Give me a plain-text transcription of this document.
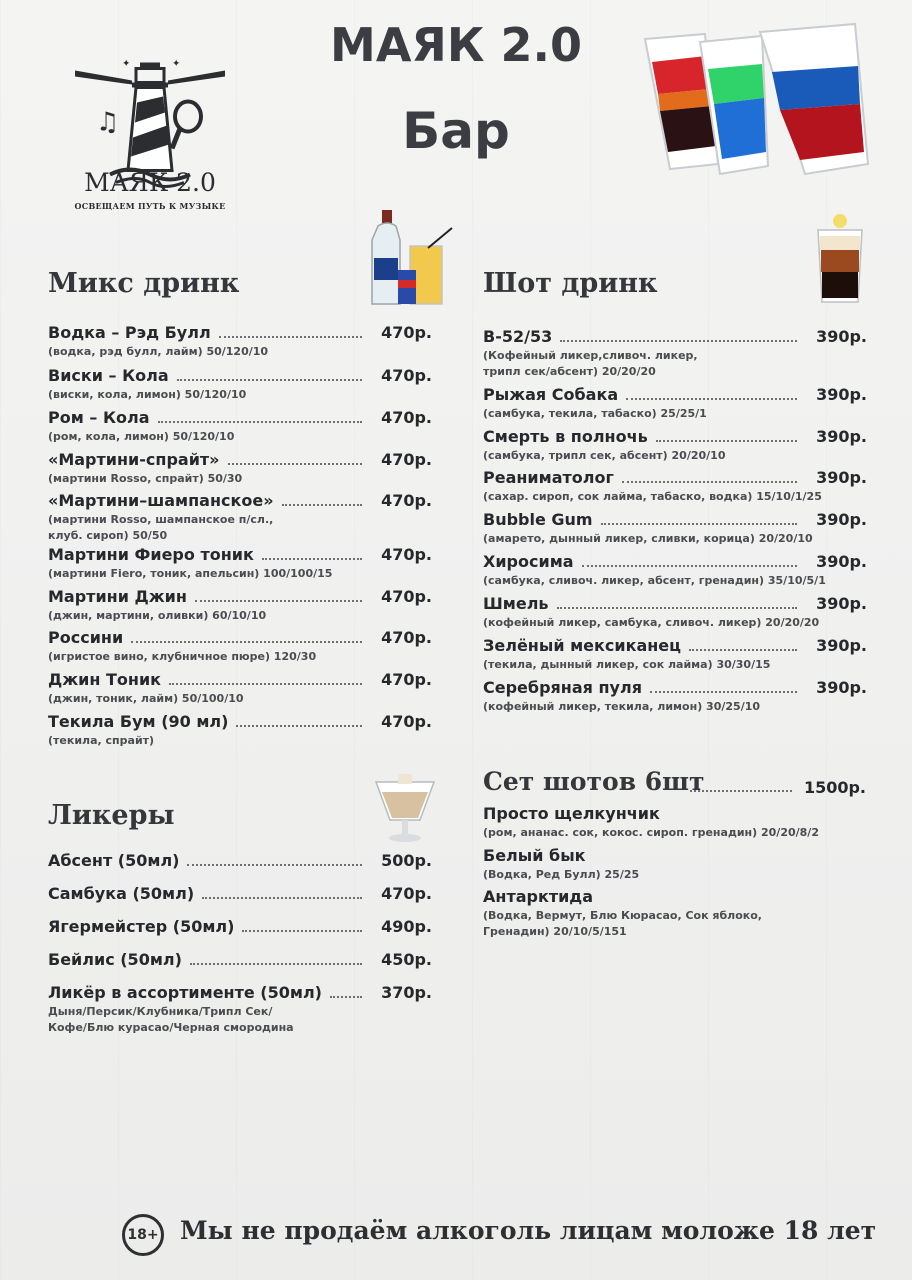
МАЯК 2.0
Бар
✦	✦
♫
МАЯК 2.0
ОСВЕЩАЕМ ПУТЬ К МУЗЫКЕ
Микс дринк	Шот дринк
Ликеры
Водка – Рэд Булл	470р.
(водка, рэд булл, лайм) 50/120/10
Виски – Кола	470р.
(виски, кола, лимон) 50/120/10
Ром – Кола	470р.
(ром, кола, лимон) 50/120/10
«Мартини-спрайт»	470р.
(мартини Rosso, спрайт) 50/30
«Мартини–шампанское»	470р.
(мартини Rosso, шампанское п/сл.,
клуб. сироп) 50/50
Мартини Фиеро тоник	470р.
(мартини Fiero, тоник, апельсин) 100/100/15
Мартини Джин	470р.
(джин, мартини, оливки) 60/10/10
Россини	470р.
(игристое вино, клубничное пюре) 120/30
Джин Тоник	470р.
(джин, тоник, лайм) 50/100/10
Текила Бум (90 мл)	470р.
(текила, спрайт)
B-52/53	390р.
(Кофейный ликер,сливоч. ликер,
трипл сек/абсент) 20/20/20
Рыжая Собака	390р.
(самбука, текила, табаско) 25/25/1
Смерть в полночь	390р.
(самбука, трипл сек, абсент) 20/20/10
Реаниматолог	390р.
(сахар. сироп, сок лайма, табаско, водка) 15/10/1/25
Bubble Gum	390р.
(амарето, дынный ликер, сливки, корица) 20/20/10
Хиросима	390р.
(самбука, сливоч. ликер, абсент, гренадин) 35/10/5/1
Шмель	390р.
(кофейный ликер, самбука, сливоч. ликер) 20/20/20
Зелёный мексиканец	390р.
(текила, дынный ликер, сок лайма) 30/30/15
Серебряная пуля	390р.
(кофейный ликер, текила, лимон) 30/25/10
Абсент (50мл)	500р.
Самбука (50мл)	470р.
Ягермейстер (50мл)	490р.
Бейлис (50мл)	450р.
Ликёр в ассортименте (50мл)	370р.
Дыня/Персик/Клубника/Трипл Сек/
Кофе/Блю курасао/Черная смородина
Сет шотов 6шт	1500р.
Просто щелкунчик
(ром, ананас. сок, кокос. сироп. гренадин) 20/20/8/2
Белый бык
(Водка, Ред Булл) 25/25
Антарктида
(Водка, Вермут, Блю Кюрасао, Сок яблоко,
Гренадин) 20/10/5/151
18+ Мы не продаём алкоголь лицам моложе 18 лет
